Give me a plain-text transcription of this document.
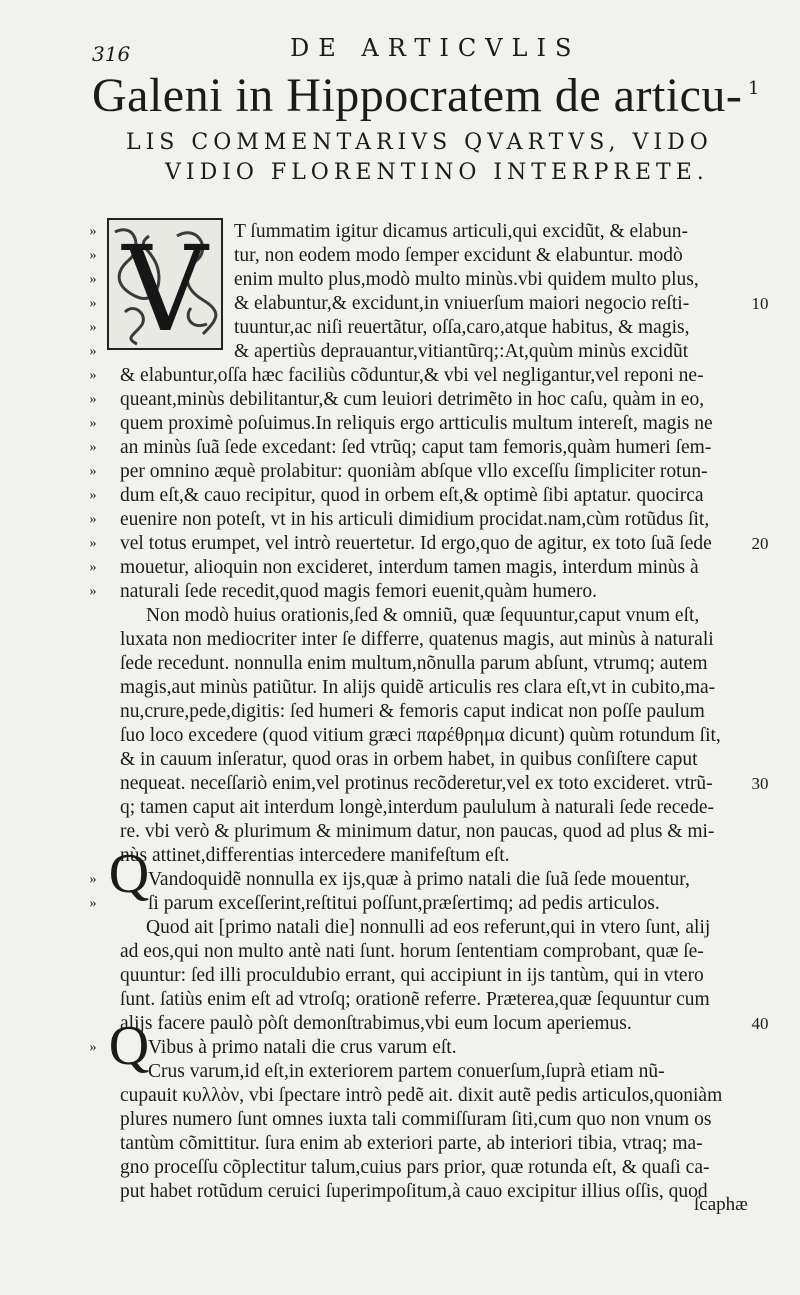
316	DE ARTICVLIS
Galeni in Hippocratem de articu- 1
LIS COMMENTARIVS QVARTVS, VIDO
VIDIO FLORENTINO INTERPRETE.
V
Q
Q
T ſummatim igitur dicamus articuli,qui excidũt, & elabun-
»
tur, non eodem modo ſemper excidunt & elabuntur. modò
»
enim multo plus,modò multo minùs.vbi quidem multo plus,
»
& elabuntur,& excidunt,in vniuerſum maiori negocio reſti-
»	10
tuuntur,ac niſi reuertãtur, oſſa,caro,atque habitus, & magis,
»
& apertiùs deprauantur,vitiantũrq;:At,quùm minùs excidũt
»
& elabuntur,oſſa hæc faciliùs cõduntur,& vbi vel negligantur,vel reponi ne-
»
queant,minùs debilitantur,& cum leuiori detrimẽto in hoc caſu, quàm in eo,
»
quem proximè poſuimus.In reliquis ergo artticulis multum intereſt, magis ne
»
an minùs ſuã ſede excedant: ſed vtrũq; caput tam femoris,quàm humeri ſem-
»
per omnino æquè prolabitur: quoniàm abſque vllo exceſſu ſimpliciter rotun-
»
dum eſt,& cauo recipitur, quod in orbem eſt,& optimè ſibi aptatur. quocirca
»
euenire non poteſt, vt in his articuli dimidium procidat.nam,cùm rotũdus ſit,
»
vel totus erumpet, vel intrò reuertetur. Id ergo,quo de agitur, ex toto ſuã ſede
»	20
mouetur, alioquin non excideret, interdum tamen magis, interdum minùs à
»
naturali ſede recedit,quod magis femori euenit,quàm humero.
»
Non modò huius orationis,ſed & omniũ, quæ ſequuntur,caput vnum eſt,
luxata non mediocriter inter ſe differre, quatenus magis, aut minùs à naturali
ſede recedunt. nonnulla enim multum,nõnulla parum abſunt, vtrumq; autem
magis,aut minùs patiũtur. In alijs quidẽ articulis res clara eſt,vt in cubito,ma-
nu,crure,pede,digitis: ſed humeri & femoris caput indicat non poſſe paulum
ſuo loco excedere (quod vitium græci παρέθρημα dicunt) quùm rotundum ſit,
& in cauum inſeratur, quod oras in orbem habet, in quibus conſiſtere caput
nequeat. neceſſariò enim,vel protinus recõderetur,vel ex toto excideret. vtrũ-	30
q; tamen caput ait interdum longè,interdum paululum à naturali ſede recede-
re. vbi verò & plurimum & minimum datur, non paucas, quod ad plus & mi-
nùs attinet,differentias intercedere manifeſtum eſt.
Vandoquidẽ nonnulla ex ijs,quæ à primo natali die ſuã ſede mouentur,
»
ſi parum exceſſerint,reſtitui poſſunt,præſertimq; ad pedis articulos.
»
Quod ait [primo natali die] nonnulli ad eos referunt,qui in vtero ſunt, alij
ad eos,qui non multo antè nati ſunt. horum ſententiam comprobant, quæ ſe-
quuntur: ſed illi proculdubio errant, qui accipiunt in ijs tantùm, qui in vtero
ſunt. ſatiùs enim eſt ad vtroſq; orationẽ referre. Præterea,quæ ſequuntur cum
alijs facere paulò pòſt demonſtrabimus,vbi eum locum aperiemus.	40
Vibus à primo natali die crus varum eſt.
»
Crus varum,id eſt,in exteriorem partem conuerſum,ſuprà etiam nũ-
cupauit κυλλὸν, vbi ſpectare intrò pedẽ ait. dixit autẽ pedis articulos,quoniàm
plures numero ſunt omnes iuxta tali commiſſuram ſiti,cum quo non vnum os
tantùm cõmittitur. ſura enim ab exteriori parte, ab interiori tibia, vtraq; ma-
gno proceſſu cõplectitur talum,cuius pars prior, quæ rotunda eſt, & quaſi ca-
put habet rotũdum ceruici ſuperimpoſitum,à cauo excipitur illius oſſis, quod
ſcaphæ
